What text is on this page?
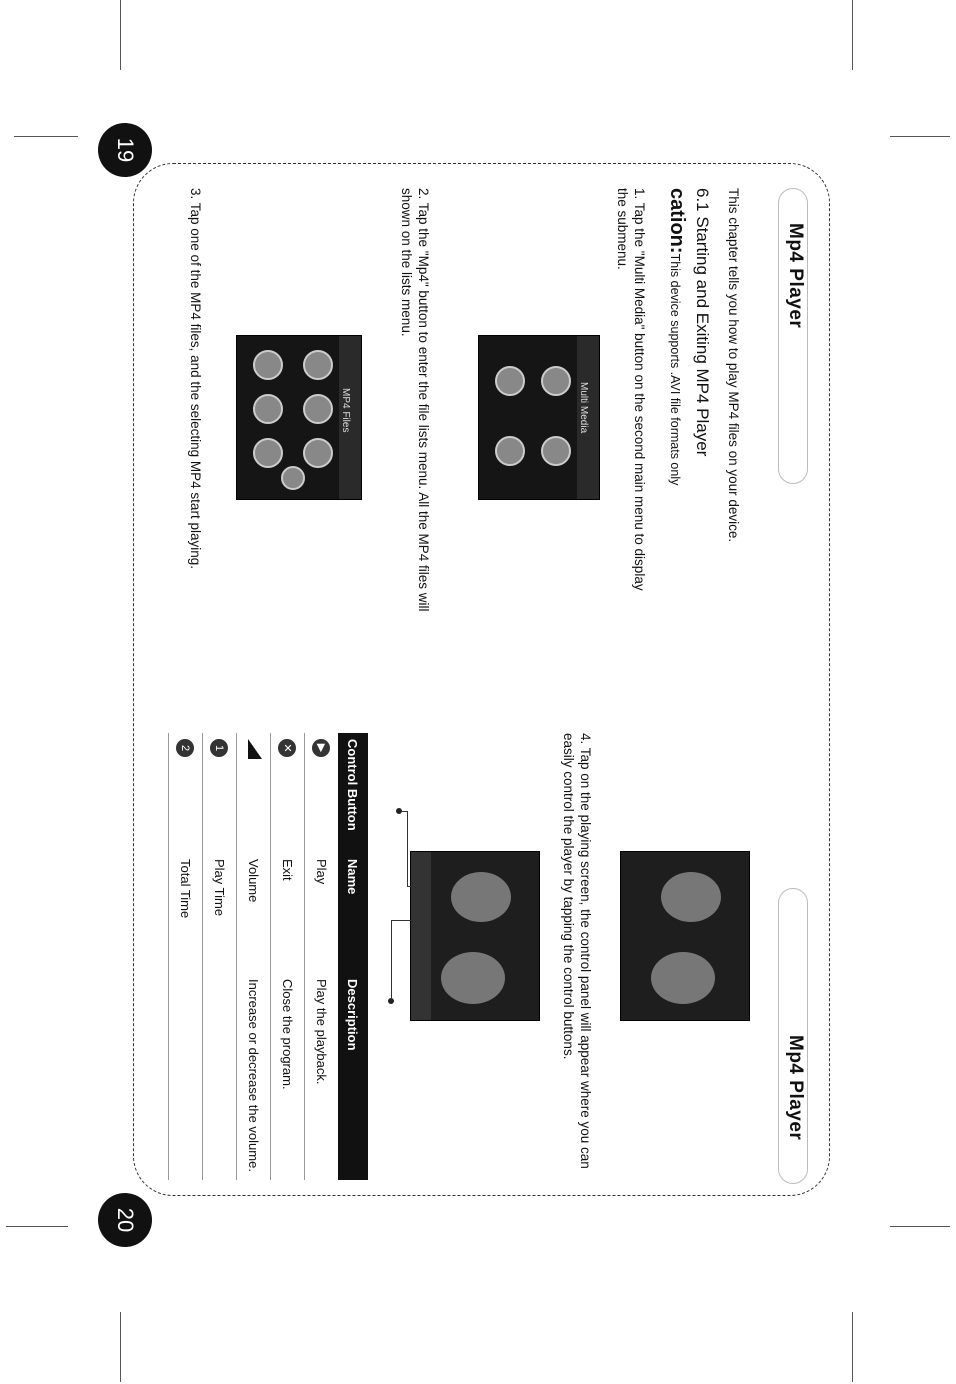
19
20
Mp4 Player
Mp4 Player
This chapter tells you how to play MP4 files on your device.
6.1 Starting and Exiting MP4 Player
cation:This device supports .AVI file formats only
1. Tap the "Multi Media" button on the second main menu to display the submenu.
2. Tap the "Mp4" button to enter the file lists menu. All the MP4 files will shown on the lists menu.
3. Tap one of the MP4 files, and the selecting MP4 start playing.	Multi Media
MP4 Files
4. Tap on the playing screen, the control panel will appear where you can easily control the player by tapping the control buttons.
Control Button	Name	Description
▶	Play	Play the playback.
✕	Exit	Close the program.
	Volume	Increase or decrease the volume.
1	Play Time	
2	Total Time	
